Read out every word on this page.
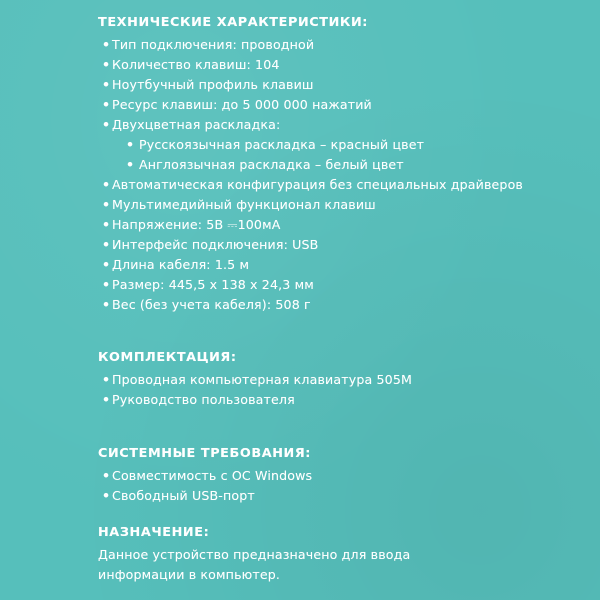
ТЕХНИЧЕСКИЕ ХАРАКТЕРИСТИКИ:
• Тип подключения: проводной
• Количество клавиш: 104
• Ноутбучный профиль клавиш
• Ресурс клавиш: до 5 000 000 нажатий
• Двухцветная раскладка:
• Русскоязычная раскладка – красный цвет
• Англоязычная раскладка – белый цвет
• Автоматическая конфигурация без специальных драйверов
• Мультимедийный функционал клавиш
• Напряжение: 5В ⎓100мА
• Интерфейс подключения: USB
• Длина кабеля: 1.5 м
• Размер: 445,5 х 138 х 24,3 мм
• Вес (без учета кабеля): 508 г
КОМПЛЕКТАЦИЯ:
• Проводная компьютерная клавиатура 505M
• Руководство пользователя
СИСТЕМНЫЕ ТРЕБОВАНИЯ:
• Совместимость с ОС Windows
• Свободный USB-порт
НАЗНАЧЕНИЕ:
Данное устройство предназначено для ввода
информации в компьютер.
